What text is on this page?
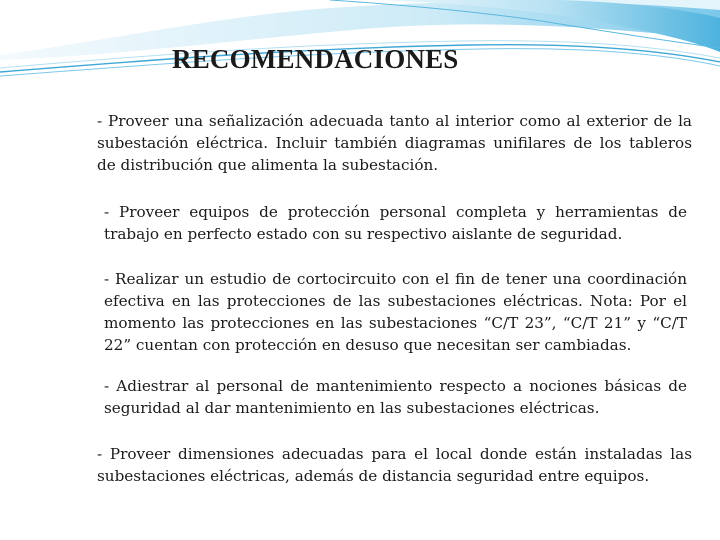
RECOMENDACIONES

- Proveer una señalización adecuada tanto al interior como al exterior de la subestación eléctrica. Incluir también diagramas unifilares de los tableros de distribución que alimenta la subestación.

- Proveer equipos de protección personal completa y herramientas de trabajo en perfecto estado con su respectivo aislante de seguridad.

- Realizar un estudio de cortocircuito con el fin de tener una coordinación efectiva en las protecciones de las subestaciones eléctricas. Nota: Por el momento las protecciones en las subestaciones “C/T 23”, “C/T 21” y “C/T 22” cuentan con protección en desuso que necesitan ser cambiadas.

- Adiestrar al personal de mantenimiento respecto a nociones básicas de seguridad al dar mantenimiento en las subestaciones eléctricas.

- Proveer dimensiones adecuadas para el local donde están instaladas las subestaciones eléctricas, además de distancia seguridad entre equipos.
